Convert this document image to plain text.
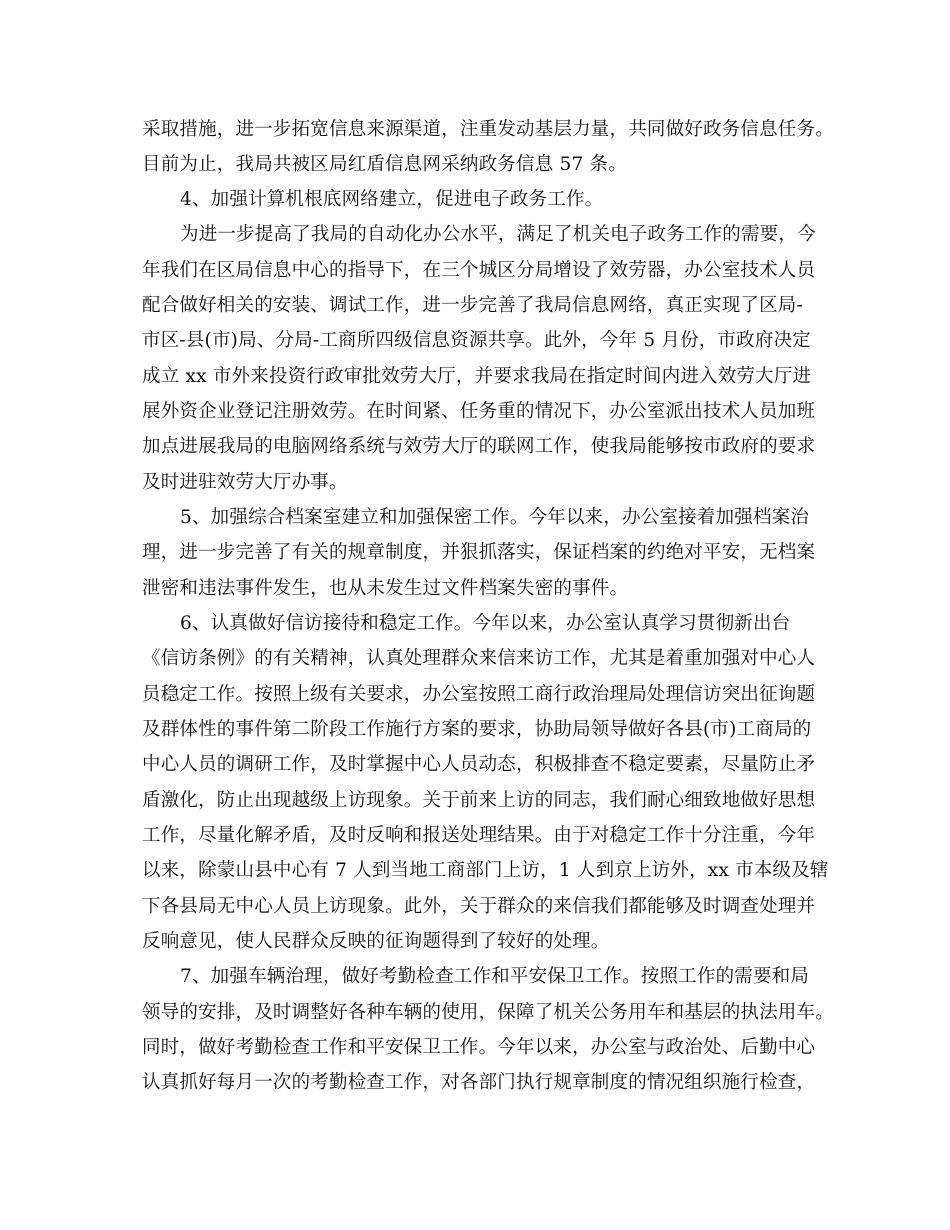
采取措施，进一步拓宽信息来源渠道，注重发动基层力量，共同做好政务信息任务。
目前为止，我局共被区局红盾信息网采纳政务信息 57 条。
4、加强计算机根底网络建立，促进电子政务工作。
为进一步提高了我局的自动化办公水平，满足了机关电子政务工作的需要，今
年我们在区局信息中心的指导下，在三个城区分局增设了效劳器，办公室技术人员
配合做好相关的安装、调试工作，进一步完善了我局信息网络，真正实现了区局-
市区-县(市)局、分局-工商所四级信息资源共享。此外，今年 5 月份，市政府决定
成立 xx 市外来投资行政审批效劳大厅，并要求我局在指定时间内进入效劳大厅进
展外资企业登记注册效劳。在时间紧、任务重的情况下，办公室派出技术人员加班
加点进展我局的电脑网络系统与效劳大厅的联网工作，使我局能够按市政府的要求
及时进驻效劳大厅办事。
5、加强综合档案室建立和加强保密工作。今年以来，办公室接着加强档案治
理，进一步完善了有关的规章制度，并狠抓落实，保证档案的约绝对平安，无档案
泄密和违法事件发生，也从未发生过文件档案失密的事件。
6、认真做好信访接待和稳定工作。今年以来，办公室认真学习贯彻新出台
《信访条例》的有关精神，认真处理群众来信来访工作，尤其是着重加强对中心人
员稳定工作。按照上级有关要求，办公室按照工商行政治理局处理信访突出征询题
及群体性的事件第二阶段工作施行方案的要求，协助局领导做好各县(市)工商局的
中心人员的调研工作，及时掌握中心人员动态，积极排查不稳定要素，尽量防止矛
盾激化，防止出现越级上访现象。关于前来上访的同志，我们耐心细致地做好思想
工作，尽量化解矛盾，及时反响和报送处理结果。由于对稳定工作十分注重，今年
以来，除蒙山县中心有 7 人到当地工商部门上访，1 人到京上访外，xx 市本级及辖
下各县局无中心人员上访现象。此外，关于群众的来信我们都能够及时调查处理并
反响意见，使人民群众反映的征询题得到了较好的处理。
7、加强车辆治理，做好考勤检查工作和平安保卫工作。按照工作的需要和局
领导的安排，及时调整好各种车辆的使用，保障了机关公务用车和基层的执法用车。
同时，做好考勤检查工作和平安保卫工作。今年以来，办公室与政治处、后勤中心
认真抓好每月一次的考勤检查工作，对各部门执行规章制度的情况组织施行检查，
